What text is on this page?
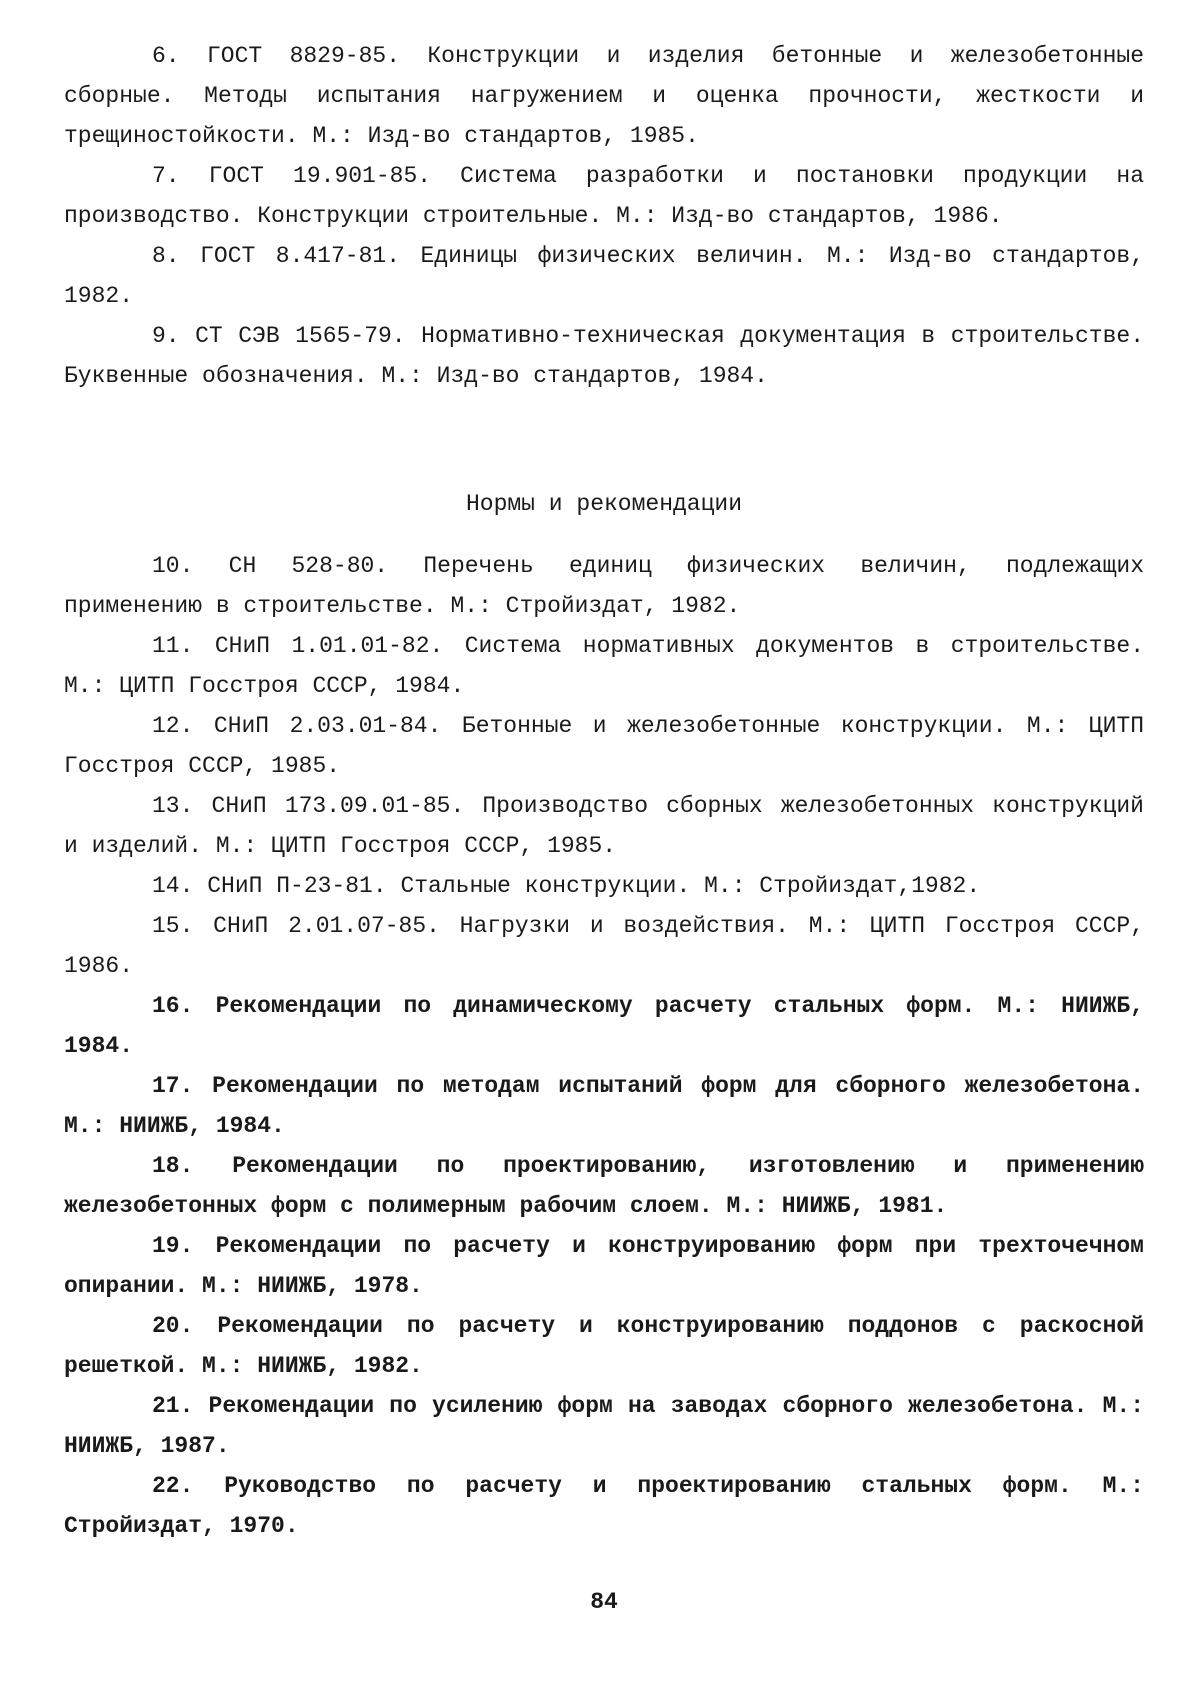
6. ГОСТ 8829-85. Конструкции и изделия бетонные и железобетонные сборные. Методы испытания нагружением и оценка прочности, жесткости и трещиностойкости. М.: Изд-во стандартов, 1985.
7. ГОСТ 19.901-85. Система разработки и постановки продукции на производство. Конструкции строительные. М.: Изд-во стандартов, 1986.
8. ГОСТ 8.417-81. Единицы физических величин. М.: Изд-во стандартов, 1982.
9. СТ СЭВ 1565-79. Нормативно-техническая документация в строительстве. Буквенные обозначения. М.: Изд-во стандартов, 1984.
Нормы и рекомендации
10. СН 528-80. Перечень единиц физических величин, подлежащих применению в строительстве. М.: Стройиздат, 1982.
11. СНиП 1.01.01-82. Система нормативных документов в строительстве. М.: ЦИТП Госстроя СССР, 1984.
12. СНиП 2.03.01-84. Бетонные и железобетонные конструкции. М.: ЦИТП Госстроя СССР, 1985.
13. СНиП 173.09.01-85. Производство сборных железобетонных конструкций и изделий. М.: ЦИТП Госстроя СССР, 1985.
14. СНиП П-23-81. Стальные конструкции. М.: Стройиздат,1982.
15. СНиП 2.01.07-85. Нагрузки и воздействия. М.: ЦИТП Госстроя СССР, 1986.
16. Рекомендации по динамическому расчету стальных форм. М.: НИИЖБ, 1984.
17. Рекомендации по методам испытаний форм для сборного железобетона. М.: НИИЖБ, 1984.
18. Рекомендации по проектированию, изготовлению и применению железобетонных форм с полимерным рабочим слоем. М.: НИИЖБ, 1981.
19. Рекомендации по расчету и конструированию форм при трехточечном опирании. М.: НИИЖБ, 1978.
20. Рекомендации по расчету и конструированию поддонов с раскосной решеткой. М.: НИИЖБ, 1982.
21. Рекомендации по усилению форм на заводах сборного железобетона. М.: НИИЖБ, 1987.
22. Руководство по расчету и проектированию стальных форм. М.: Стройиздат, 1970.
84
